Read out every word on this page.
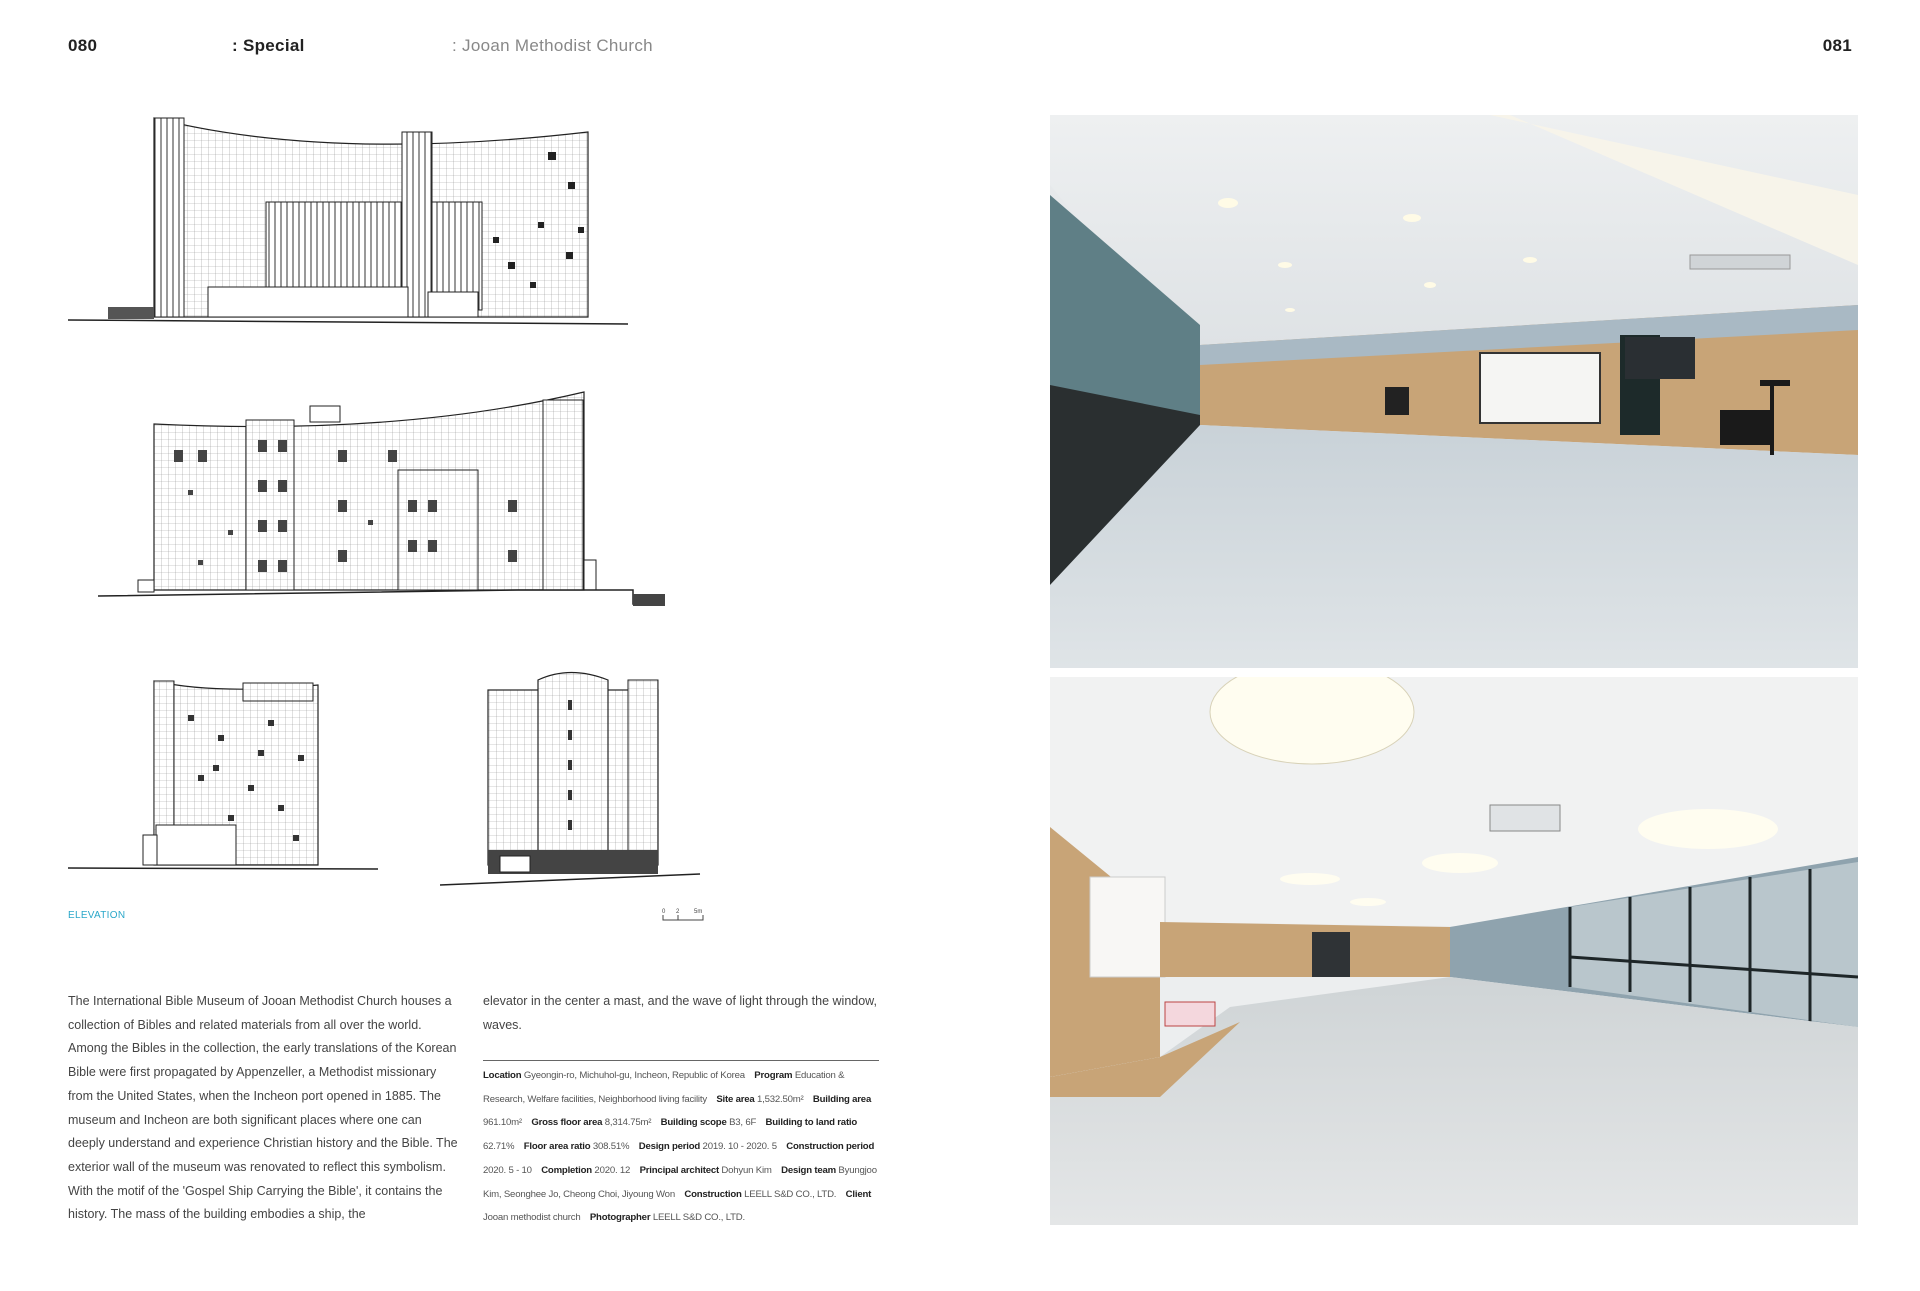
080	: Special	: Jooan Methodist Church	081
ELEVATION	0 2 5m
The International Bible Museum of Jooan Methodist Church houses a collection of Bibles and related materials from all over the world. Among the Bibles in the collection, the early translations of the Korean Bible were first propagated by Appenzeller, a Methodist missionary from the United States, when the Incheon port opened in 1885. The museum and Incheon are both significant places where one can deeply understand and experience Christian history and the Bible. The exterior wall of the museum was renovated to reflect this symbolism. With the motif of the 'Gospel Ship Carrying the Bible', it contains the history. The mass of the building embodies a ship, the
elevator in the center a mast, and the wave of light through the window, waves.
Location Gyeongin-ro, Michuhol-gu, Incheon, Republic of Korea Program Education & Research, Welfare facilities, Neighborhood living facility Site area 1,532.50m² Building area 961.10m² Gross floor area 8,314.75m² Building scope B3, 6F Building to land ratio 62.71% Floor area ratio 308.51% Design period 2019. 10 - 2020. 5 Construction period 2020. 5 - 10 Completion 2020. 12 Principal architect Dohyun Kim Design team Byungjoo Kim, Seonghee Jo, Cheong Choi, Jiyoung Won Construction LEELL S&D CO., LTD. Client Jooan methodist church Photographer LEELL S&D CO., LTD. 
